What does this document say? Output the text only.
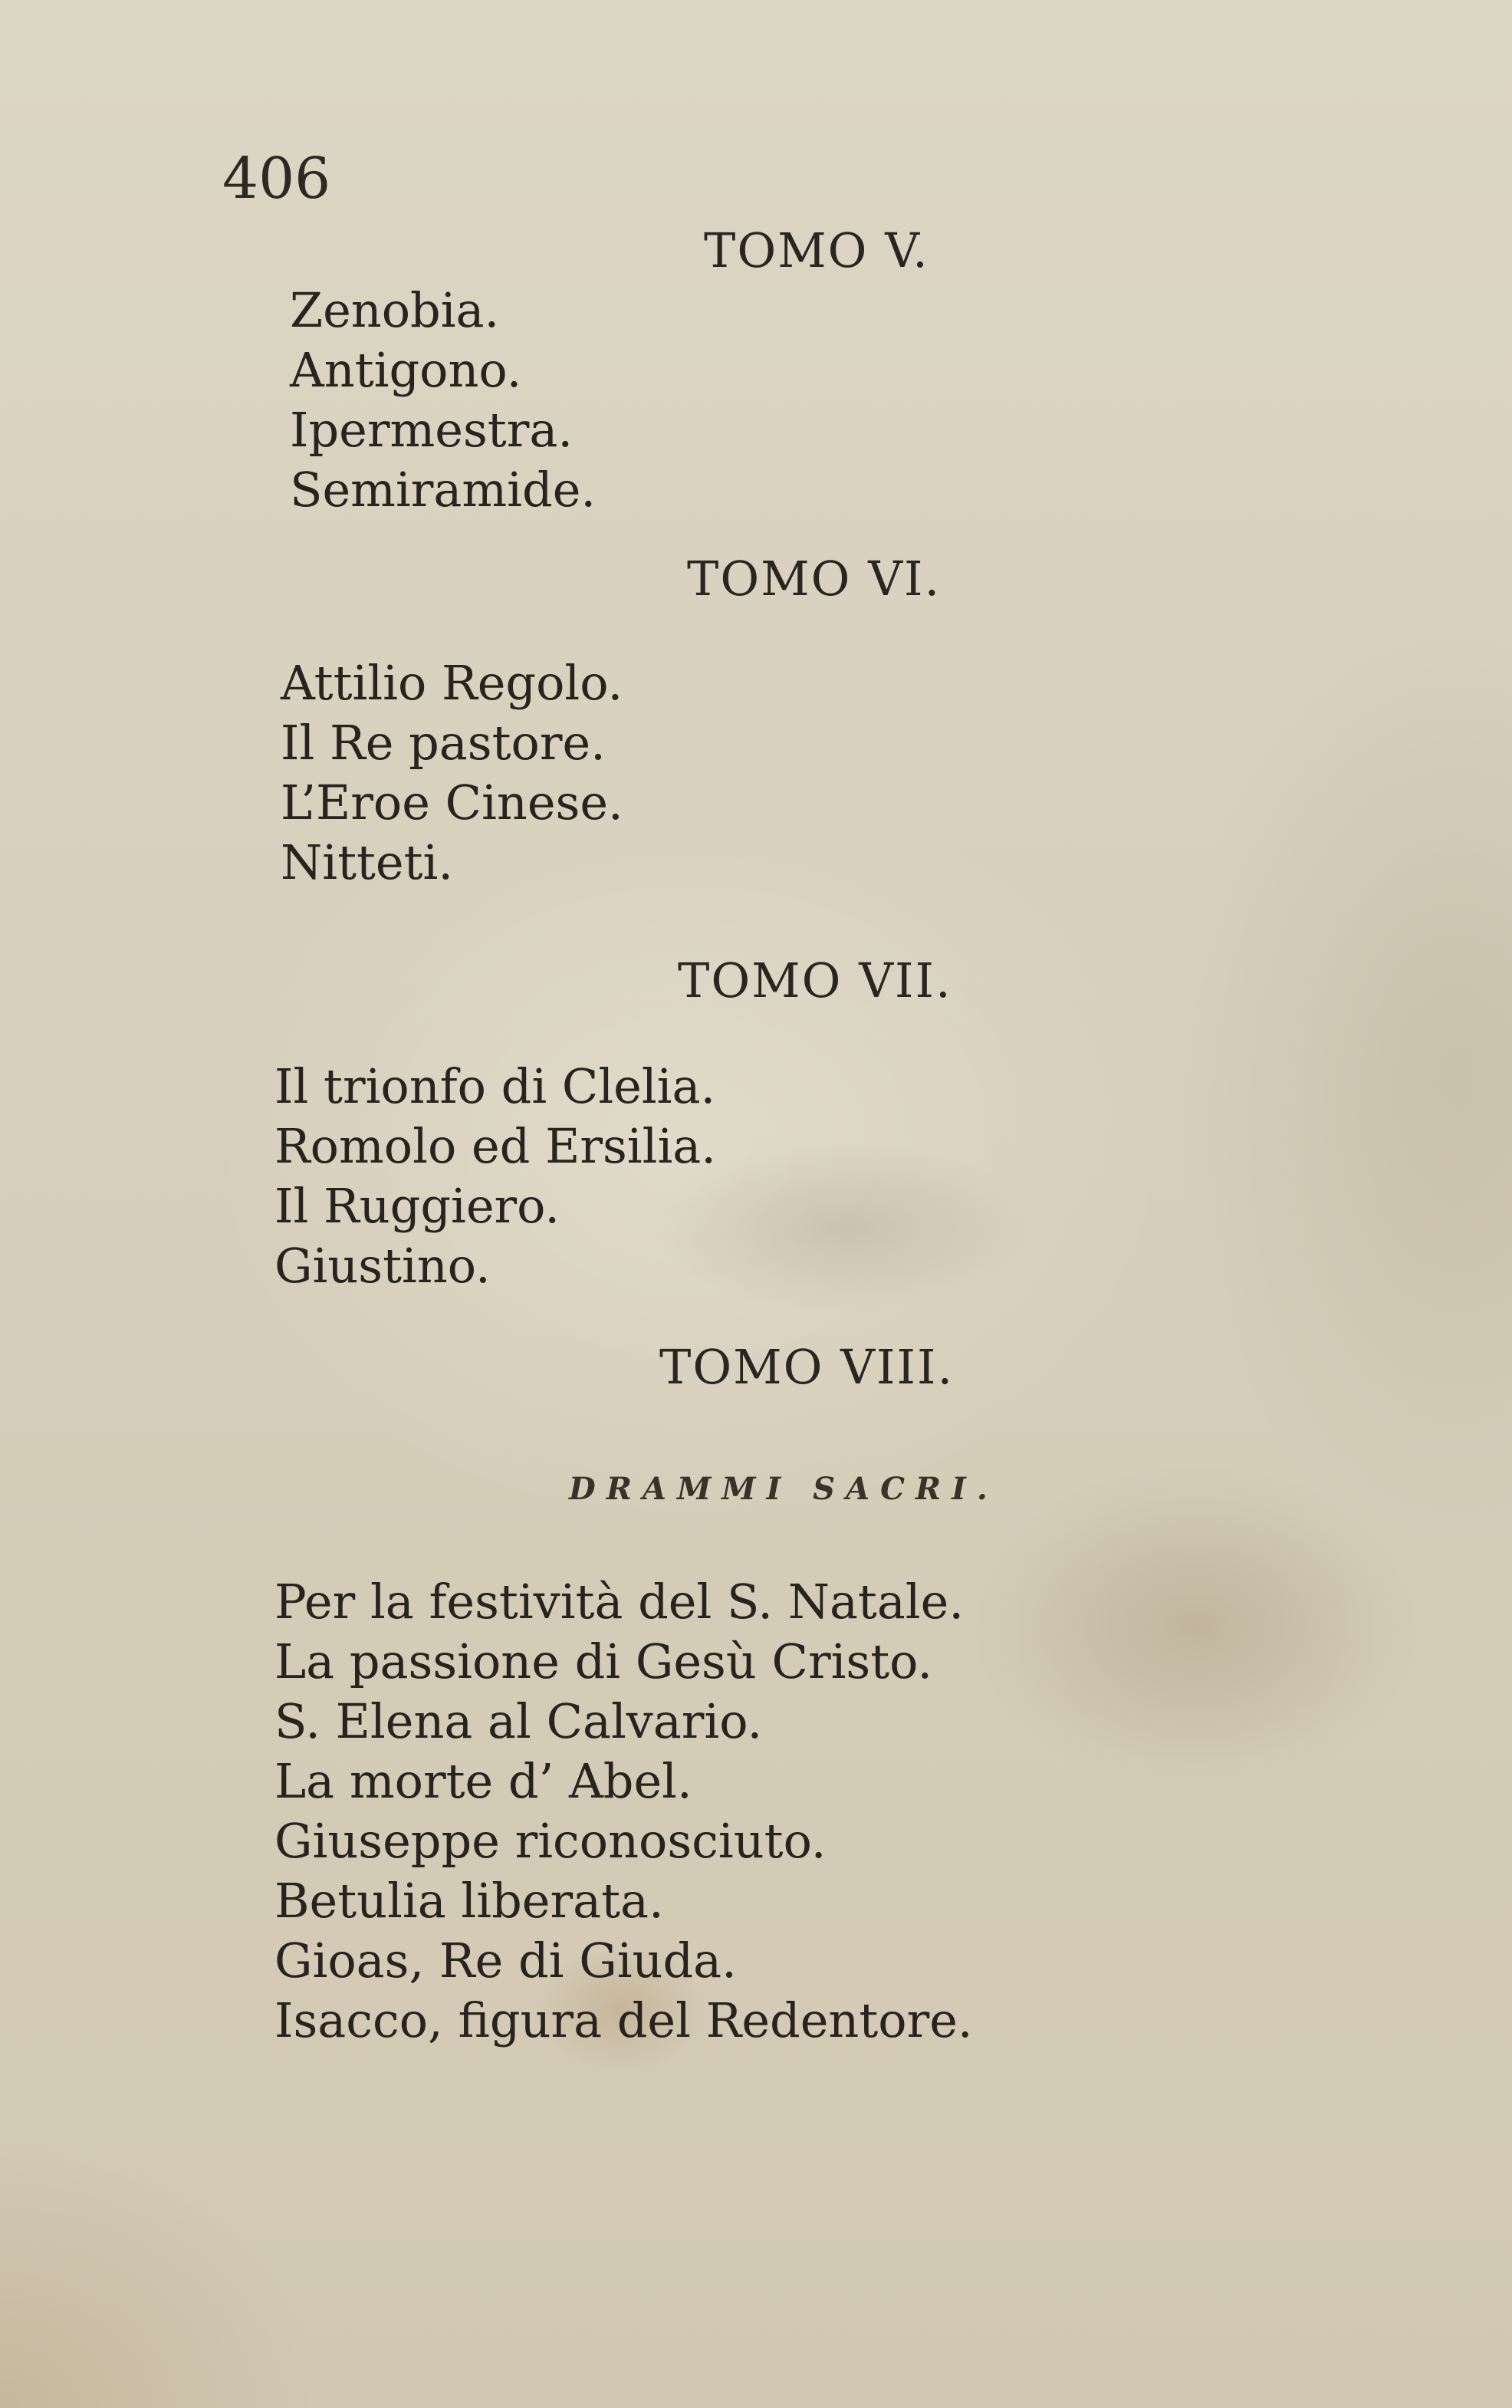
406
TOMO V.
Zenobia.
Antigono.
Ipermestra.
Semiramide.
TOMO VI.
Attilio Regolo.
Il Re pastore.
L’Eroe Cinese.
Nitteti.
TOMO VII.
Il trionfo di Clelia.
Romolo ed Ersilia.
Il Ruggiero.
Giustino.
TOMO VIII.
DRAMMI SACRI.
Per la festività del S. Natale.
La passione di Gesù Cristo.
S. Elena al Calvario.
La morte d’ Abel.
Giuseppe riconosciuto.
Betulia liberata.
Gioas, Re di Giuda.
Isacco, figura del Redentore.
